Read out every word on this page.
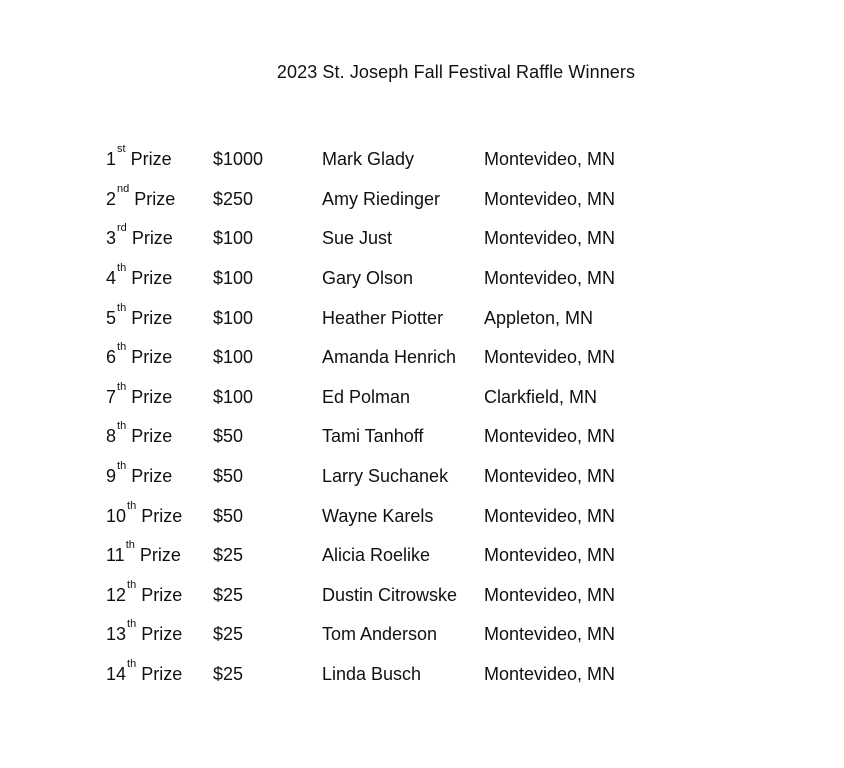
2023 St. Joseph Fall Festival Raffle Winners
1st Prize	$1000	Mark Glady	Montevideo, MN
2nd Prize	$250	Amy Riedinger	Montevideo, MN
3rd Prize	$100	Sue Just	Montevideo, MN
4th Prize	$100	Gary Olson	Montevideo, MN
5th Prize	$100	Heather Piotter	Appleton, MN
6th Prize	$100	Amanda Henrich	Montevideo, MN
7th Prize	$100	Ed Polman	Clarkfield, MN
8th Prize	$50	Tami Tanhoff	Montevideo, MN
9th Prize	$50	Larry Suchanek	Montevideo, MN
10th Prize	$50	Wayne Karels	Montevideo, MN
11th Prize	$25	Alicia Roelike	Montevideo, MN
12th Prize	$25	Dustin Citrowske	Montevideo, MN
13th Prize	$25	Tom Anderson	Montevideo, MN
14th Prize	$25	Linda Busch	Montevideo, MN
